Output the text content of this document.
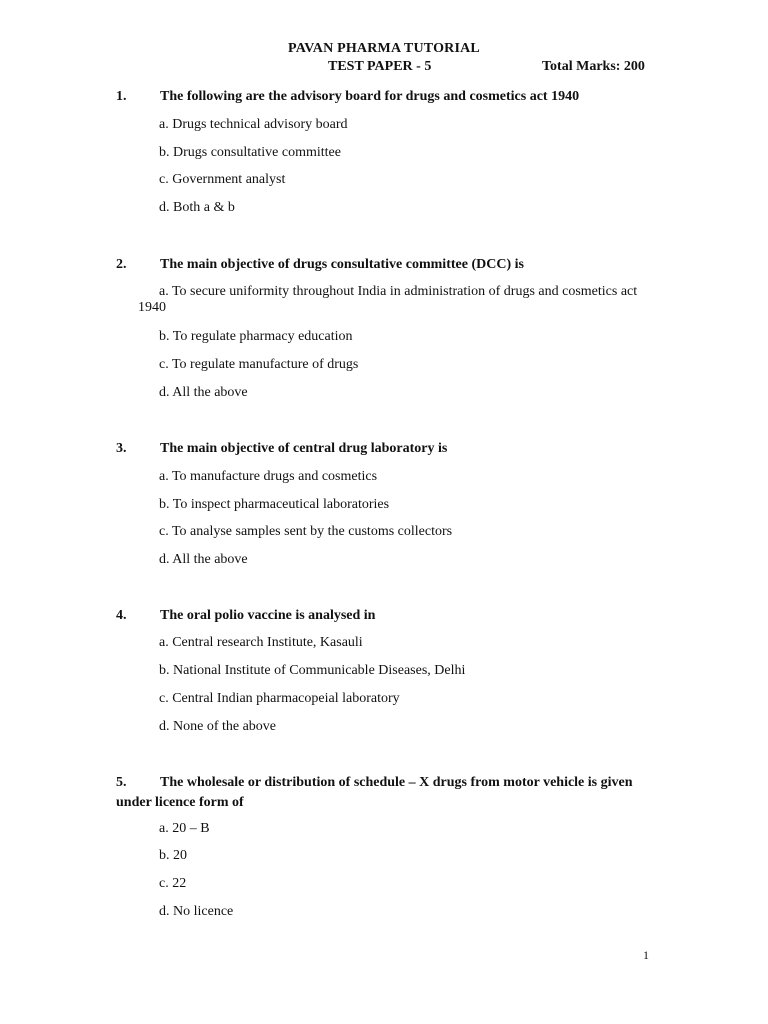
PAVAN PHARMA TUTORIAL
TEST PAPER - 5	Total Marks: 200
1. The following are the advisory board for drugs and cosmetics act 1940
a. Drugs technical advisory board
b. Drugs consultative committee
c. Government analyst
d. Both a & b
2. The main objective of drugs consultative committee (DCC) is
a. To secure uniformity throughout India in administration of drugs and cosmetics act
1940
b. To regulate pharmacy education
c. To regulate manufacture of drugs
d. All the above
3. The main objective of central drug laboratory is
a. To manufacture drugs and cosmetics
b. To inspect pharmaceutical laboratories
c. To analyse samples sent by the customs collectors
d. All the above
4. The oral polio vaccine is analysed in
a. Central research Institute, Kasauli
b. National Institute of Communicable Diseases, Delhi
c. Central Indian pharmacopeial laboratory
d. None of the above
5. The wholesale or distribution of schedule – X drugs from motor vehicle is given
under licence form of
a. 20 – B
b. 20
c. 22
d. No licence
1
